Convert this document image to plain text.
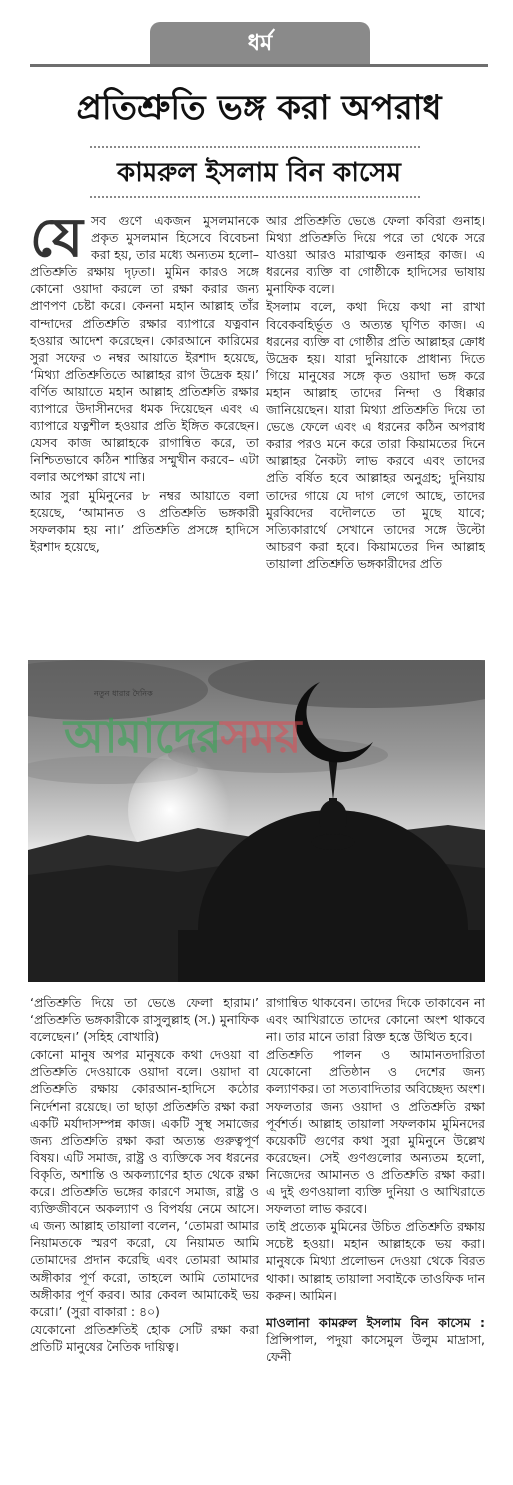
ধর্ম
প্রতিশ্রুতি ভঙ্গ করা অপরাধ
কামরুল ইসলাম বিন কাসেম

যেসব গুণে একজন মুসলমানকে প্রকৃত মুসলমান হিসেবে বিবেচনা করা হয়, তার মধ্যে অন্যতম হলো– প্রতিশ্রুতি রক্ষায় দৃঢ়তা। মুমিন কারও সঙ্গে কোনো ওয়াদা করলে তা রক্ষা করার জন্য প্রাণপণ চেষ্টা করে। কেননা মহান আল্লাহ তাঁর বান্দাদের প্রতিশ্রুতি রক্ষার ব্যাপারে যত্নবান হওয়ার আদেশ করেছেন। কোরআনে কারিমের সুরা সফের ৩ নম্বর আয়াতে ইরশাদ হয়েছে, ‘মিথ্যা প্রতিশ্রুতিতে আল্লাহর রাগ উদ্রেক হয়।’ বর্ণিত আয়াতে মহান আল্লাহ প্রতিশ্রুতি রক্ষার ব্যাপারে উদাসীনদের ধমক দিয়েছেন এবং এ ব্যাপারে যত্নশীল হওয়ার প্রতি ইঙ্গিত করেছেন। যেসব কাজ আল্লাহকে রাগান্বিত করে, তা নিশ্চিতভাবে কঠিন শাস্তির সম্মুখীন করবে– এটা বলার অপেক্ষা রাখে না।

আর সুরা মুমিনুনের ৮ নম্বর আয়াতে বলা হয়েছে, ‘আমানত ও প্রতিশ্রুতি ভঙ্গকারী সফলকাম হয় না।’ প্রতিশ্রুতি প্রসঙ্গে হাদিসে ইরশাদ হয়েছে,

আর প্রতিশ্রুতি ভেঙে ফেলা কবিরা গুনাহ। মিথ্যা প্রতিশ্রুতি দিয়ে পরে তা থেকে সরে যাওয়া আরও মারাত্মক গুনাহর কাজ। এ ধরনের ব্যক্তি বা গোষ্ঠীকে হাদিসের ভাষায় মুনাফিক বলে।

ইসলাম বলে, কথা দিয়ে কথা না রাখা বিবেকবহির্ভূত ও অত্যন্ত ঘৃণিত কাজ। এ ধরনের ব্যক্তি বা গোষ্ঠীর প্রতি আল্লাহর ক্রোধ উদ্রেক হয়। যারা দুনিয়াকে প্রাধান্য দিতে গিয়ে মানুষের সঙ্গে কৃত ওয়াদা ভঙ্গ করে মহান আল্লাহ তাদের নিন্দা ও ধিক্কার জানিয়েছেন। যারা মিথ্যা প্রতিশ্রুতি দিয়ে তা ভেঙে ফেলে এবং এ ধরনের কঠিন অপরাধ করার পরও মনে করে তারা কিয়ামতের দিনে আল্লাহর নৈকট্য লাভ করবে এবং তাদের প্রতি বর্ষিত হবে আল্লাহর অনুগ্রহ; দুনিয়ায় তাদের গায়ে যে দাগ লেগে আছে, তাদের মুরব্বিদের বদৌলতে তা মুছে যাবে; সত্যিকারার্থে সেখানে তাদের সঙ্গে উল্টো আচরণ করা হবে। কিয়ামতের দিন আল্লাহ তায়ালা প্রতিশ্রুতি ভঙ্গকারীদের প্রতি

নতুন ধারার দৈনিক
আমাদেরসময়

‘প্রতিশ্রুতি দিয়ে তা ভেঙে ফেলা হারাম।’ ‘প্রতিশ্রুতি ভঙ্গকারীকে রাসুলুল্লাহ (স.) মুনাফিক বলেছেন।’ (সহিহ বোখারি)

কোনো মানুষ অপর মানুষকে কথা দেওয়া বা প্রতিশ্রুতি দেওয়াকে ওয়াদা বলে। ওয়াদা বা প্রতিশ্রুতি রক্ষায় কোরআন-হাদিসে কঠোর নির্দেশনা রয়েছে। তা ছাড়া প্রতিশ্রুতি রক্ষা করা একটি মর্যাদাসম্পন্ন কাজ। একটি সুস্থ সমাজের জন্য প্রতিশ্রুতি রক্ষা করা অত্যন্ত গুরুত্বপূর্ণ বিষয়। এটি সমাজ, রাষ্ট্র ও ব্যক্তিকে সব ধরনের বিকৃতি, অশান্তি ও অকল্যাণের হাত থেকে রক্ষা করে। প্রতিশ্রুতি ভঙ্গের কারণে সমাজ, রাষ্ট্র ও ব্যক্তিজীবনে অকল্যাণ ও বিপর্যয় নেমে আসে। এ জন্য আল্লাহ তায়ালা বলেন, ‘তোমরা আমার নিয়ামতকে স্মরণ করো, যে নিয়ামত আমি তোমাদের প্রদান করেছি এবং তোমরা আমার অঙ্গীকার পূর্ণ করো, তাহলে আমি তোমাদের অঙ্গীকার পূর্ণ করব। আর কেবল আমাকেই ভয় করো।’ (সুরা বাকারা : ৪০)

যেকোনো প্রতিশ্রুতিই হোক সেটি রক্ষা করা প্রতিটি মানুষের নৈতিক দায়িত্ব।

রাগান্বিত থাকবেন। তাদের দিকে তাকাবেন না এবং আখিরাতে তাদের কোনো অংশ থাকবে না। তার মানে তারা রিক্ত হস্তে উত্থিত হবে।

প্রতিশ্রুতি পালন ও আমানতদারিতা যেকোনো প্রতিষ্ঠান ও দেশের জন্য কল্যাণকর। তা সত্যবাদিতার অবিচ্ছেদ্য অংশ। সফলতার জন্য ওয়াদা ও প্রতিশ্রুতি রক্ষা পূর্বশর্ত। আল্লাহ তায়ালা সফলকাম মুমিনদের কয়েকটি গুণের কথা সুরা মুমিনুনে উল্লেখ করেছেন। সেই গুণগুলোর অন্যতম হলো, নিজেদের আমানত ও প্রতিশ্রুতি রক্ষা করা। এ দুই গুণওয়ালা ব্যক্তি দুনিয়া ও আখিরাতে সফলতা লাভ করবে।

তাই প্রত্যেক মুমিনের উচিত প্রতিশ্রুতি রক্ষায় সচেষ্ট হওয়া। মহান আল্লাহকে ভয় করা। মানুষকে মিথ্যা প্রলোভন দেওয়া থেকে বিরত থাকা। আল্লাহ তায়ালা সবাইকে তাওফিক দান করুন। আমিন।

মাওলানা কামরুল ইসলাম বিন কাসেম : প্রিন্সিপাল, পদুয়া কাসেমুল উলুম মাদ্রাসা, ফেনী
